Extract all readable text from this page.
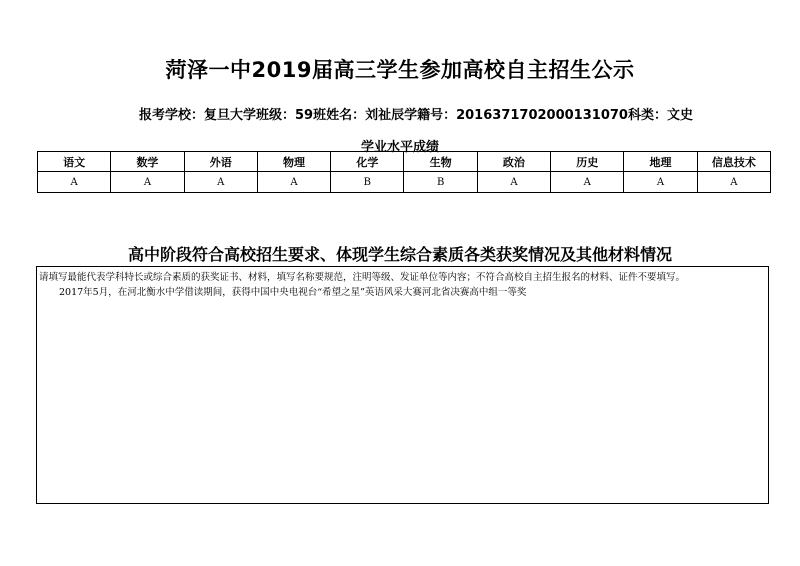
菏泽一中2019届高三学生参加高校自主招生公示
报考学校：复旦大学班级：59班姓名：刘祉辰学籍号：20163717020001310​70科类：文史
学业水平成绩
语文	数学	外语	物理	化学	生物	政治	历史	地理	信息技术
A	A	A	A	B	B	A	A	A	A
高中阶段符合高校招生要求、体现学生综合素质各类获奖情况及其他材料情况
请填写最能代表学科特长或综合素质的获奖证书、材料，填写名称要规范，注明等级、发证单位等内容；不符合高校自主招生报名的材料、证件不要填写。
2017年5月，在河北衡水中学借读期间，获得中国中央电视台“希望之星”英语风采大赛河北省决赛高中组一等奖
